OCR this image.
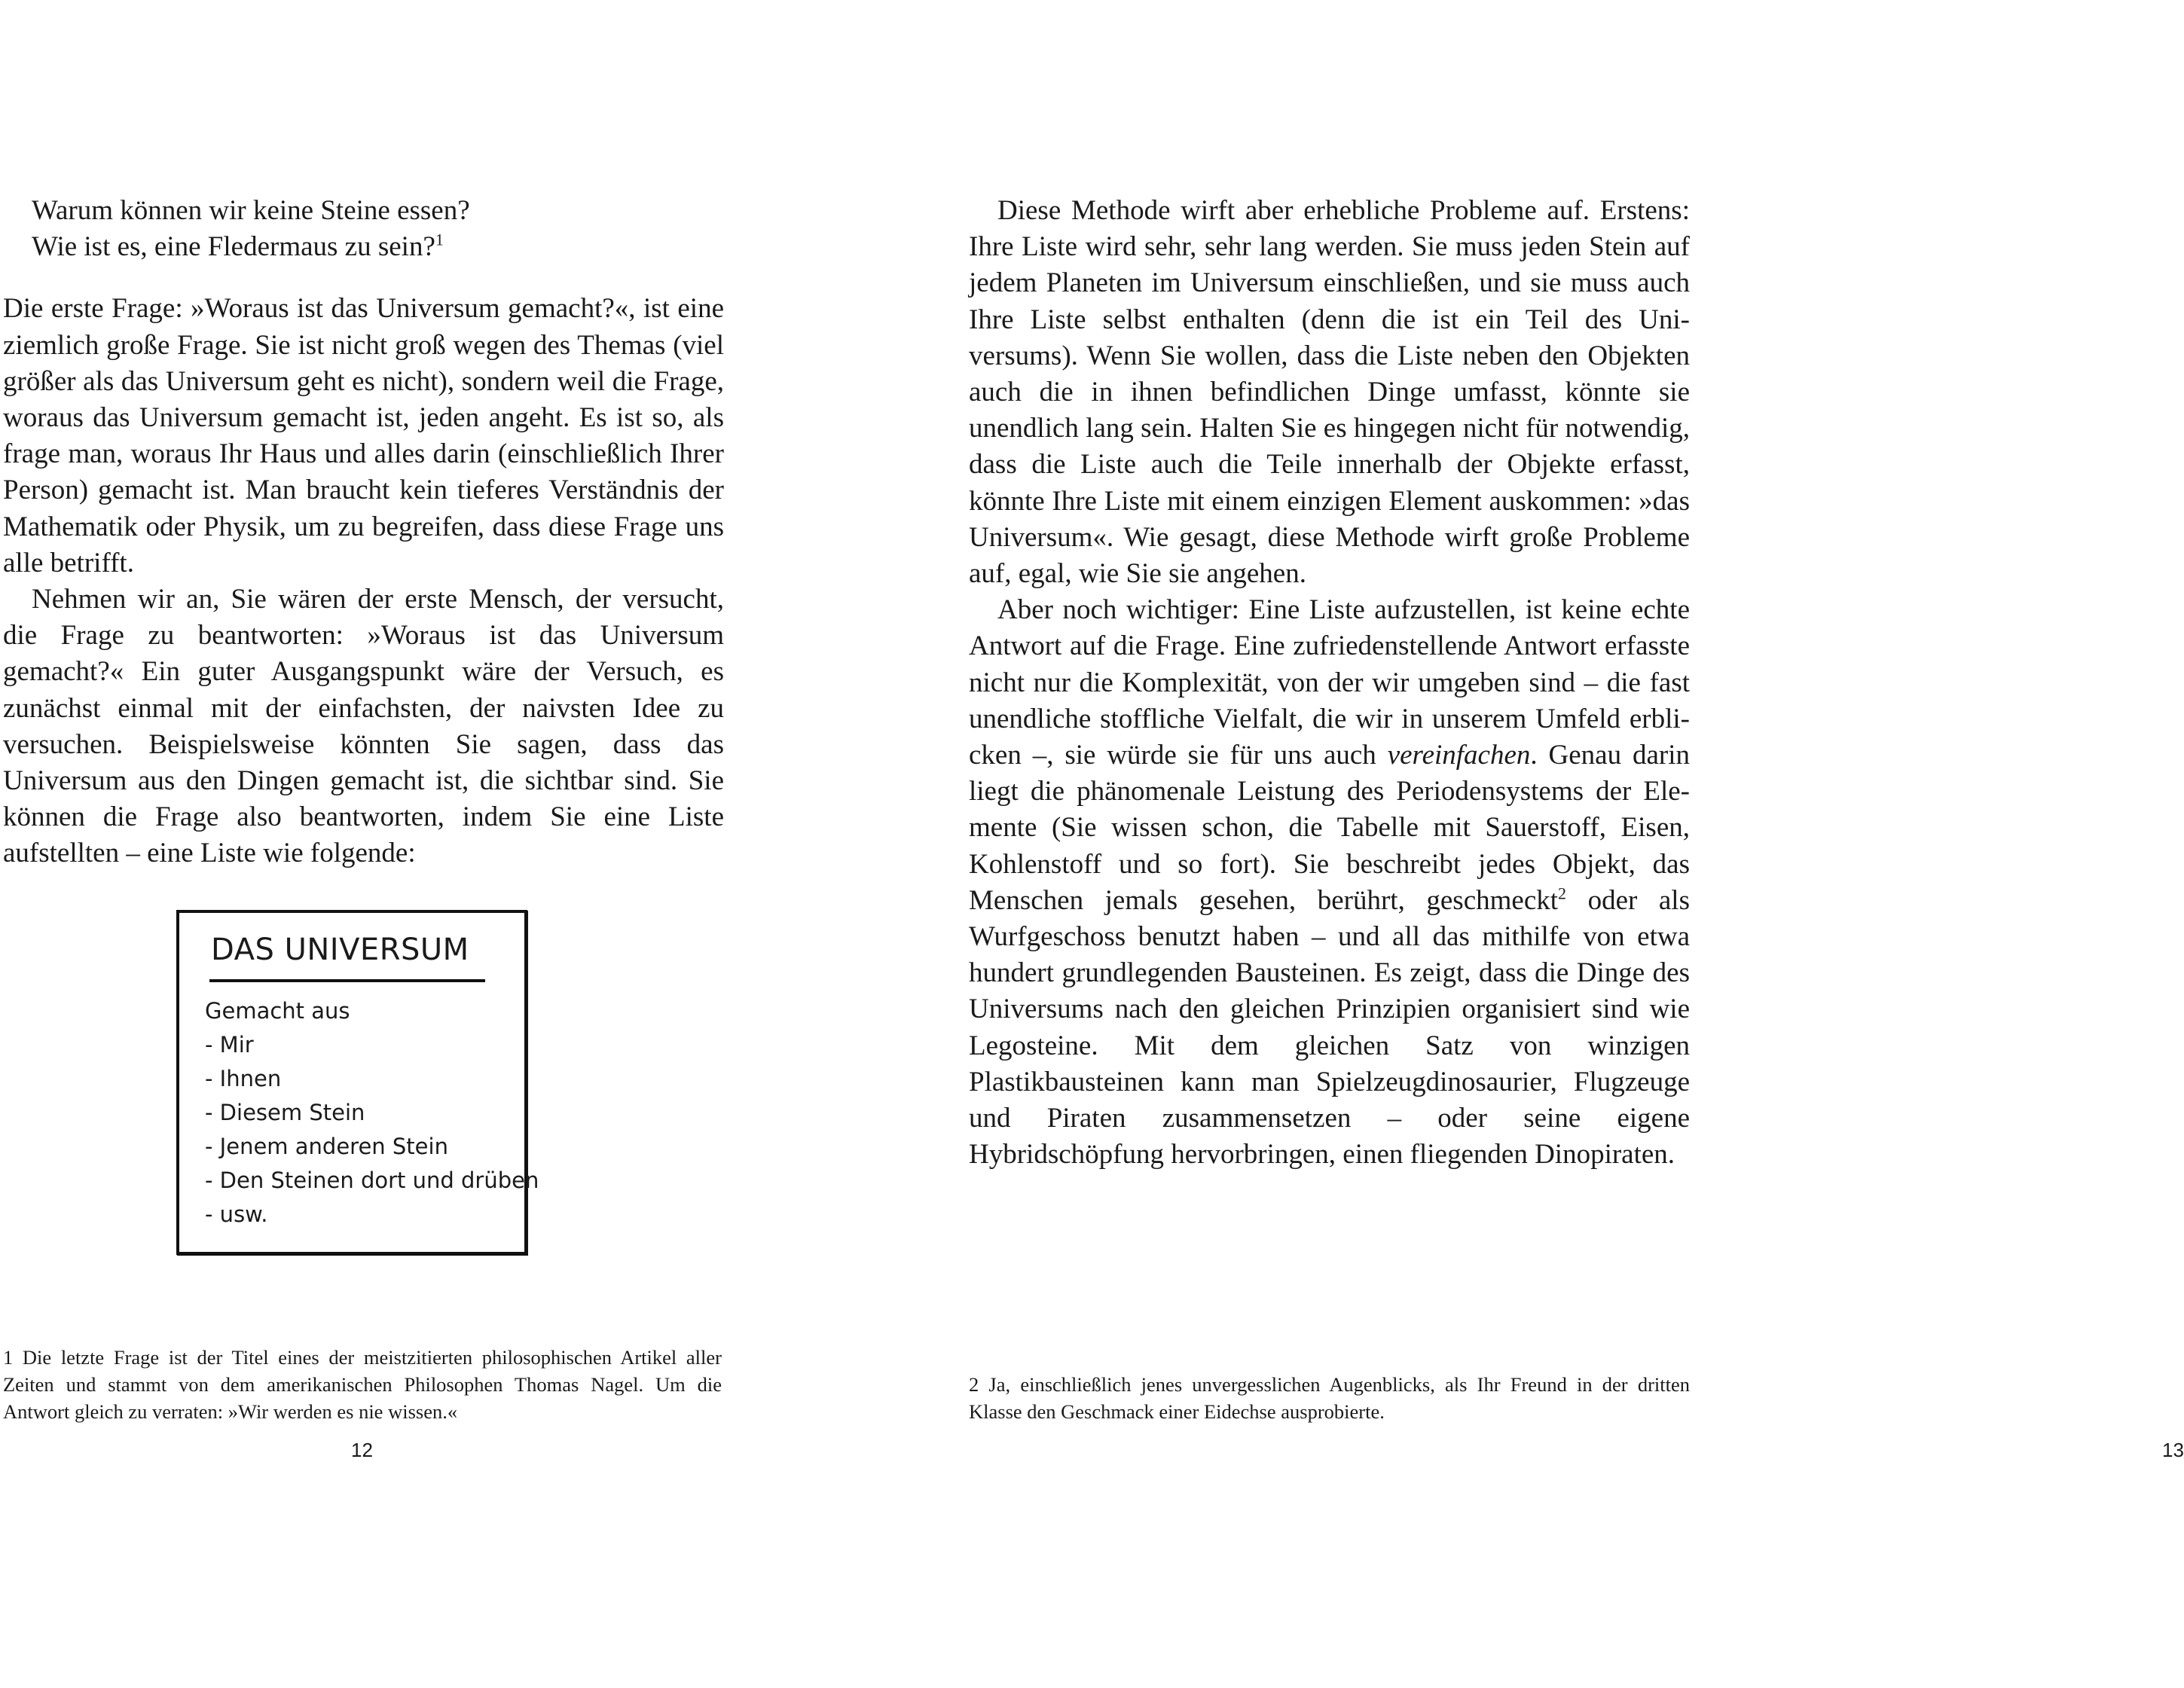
Warum können wir keine Steine essen?

Wie ist es, eine Fledermaus zu sein?$^1$

Die erste Frage: »Woraus ist das Universum gemacht?«, ist eine ziemlich große Frage. Sie ist nicht groß wegen des Themas (viel größer als das Universum geht es nicht), sondern weil die Frage, woraus das Universum gemacht ist, jeden angeht. Es ist so, als frage man, woraus Ihr Haus und alles darin (einschließlich Ihrer Person) gemacht ist. Man braucht kein tieferes Verständnis der Mathematik oder Physik, um zu begreifen, dass diese Frage uns alle betrifft.

Nehmen wir an, Sie wären der erste Mensch, der versucht, die Frage zu beantworten: »Woraus ist das Universum gemacht?« Ein guter Ausgangspunkt wäre der Versuch, es zunächst einmal mit der einfachsten, der naivsten Idee zu versuchen. Beispielsweise könnten Sie sagen, dass das Universum aus den Dingen gemacht ist, die sichtbar sind. Sie können die Frage also beantworten, indem Sie eine Liste aufstellten – eine Liste wie folgende:

DAS UNIVERSUM

Gemacht aus
- Mir
- Ihnen
- Diesem Stein
- Jenem anderen Stein
- Den Steinen dort und drüben
- usw.

1 Die letzte Frage ist der Titel eines der meistzitierten philosophischen Artikel aller Zeiten und stammt von dem amerikanischen Philosophen Thomas Nagel. Um die Antwort gleich zu verraten: »Wir werden es nie wissen.«

12

Diese Methode wirft aber erhebliche Probleme auf. Erstens: Ihre Liste wird sehr, sehr lang werden. Sie muss jeden Stein auf jedem Planeten im Universum einschließen, und sie muss auch Ihre Liste selbst enthalten (denn die ist ein Teil des Universums). Wenn Sie wollen, dass die Liste neben den Objekten auch die in ihnen befindlichen Dinge umfasst, könnte sie unendlich lang sein. Halten Sie es hingegen nicht für notwendig, dass die Liste auch die Teile innerhalb der Objekte erfasst, könnte Ihre Liste mit einem einzigen Element auskommen: »das Universum«. Wie gesagt, diese Methode wirft große Probleme auf, egal, wie Sie sie angehen.

Aber noch wichtiger: Eine Liste aufzustellen, ist keine echte Antwort auf die Frage. Eine zufriedenstellende Antwort erfasste nicht nur die Komplexität, von der wir umgeben sind – die fast unendliche stoffliche Vielfalt, die wir in unserem Umfeld erblicken –, sie würde sie für uns auch vereinfachen. Genau darin liegt die phänomenale Leistung des Periodensystems der Elemente (Sie wissen schon, die Tabelle mit Sauerstoff, Eisen, Kohlenstoff und so fort). Sie beschreibt jedes Objekt, das Menschen jemals gesehen, berührt, geschmeckt$^2$ oder als Wurfgeschoss benutzt haben – und all das mithilfe von etwa hundert grundlegenden Bausteinen. Es zeigt, dass die Dinge des Universums nach den gleichen Prinzipien organisiert sind wie Legosteine. Mit dem gleichen Satz von winzigen Plastikbausteinen kann man Spielzeugdinosaurier, Flugzeuge und Piraten zusammensetzen – oder seine eigene Hybridschöpfung hervorbringen, einen fliegenden Dinopiraten.

2 Ja, einschließlich jenes unvergesslichen Augenblicks, als Ihr Freund in der dritten Klasse den Geschmack einer Eidechse ausprobierte.

13
